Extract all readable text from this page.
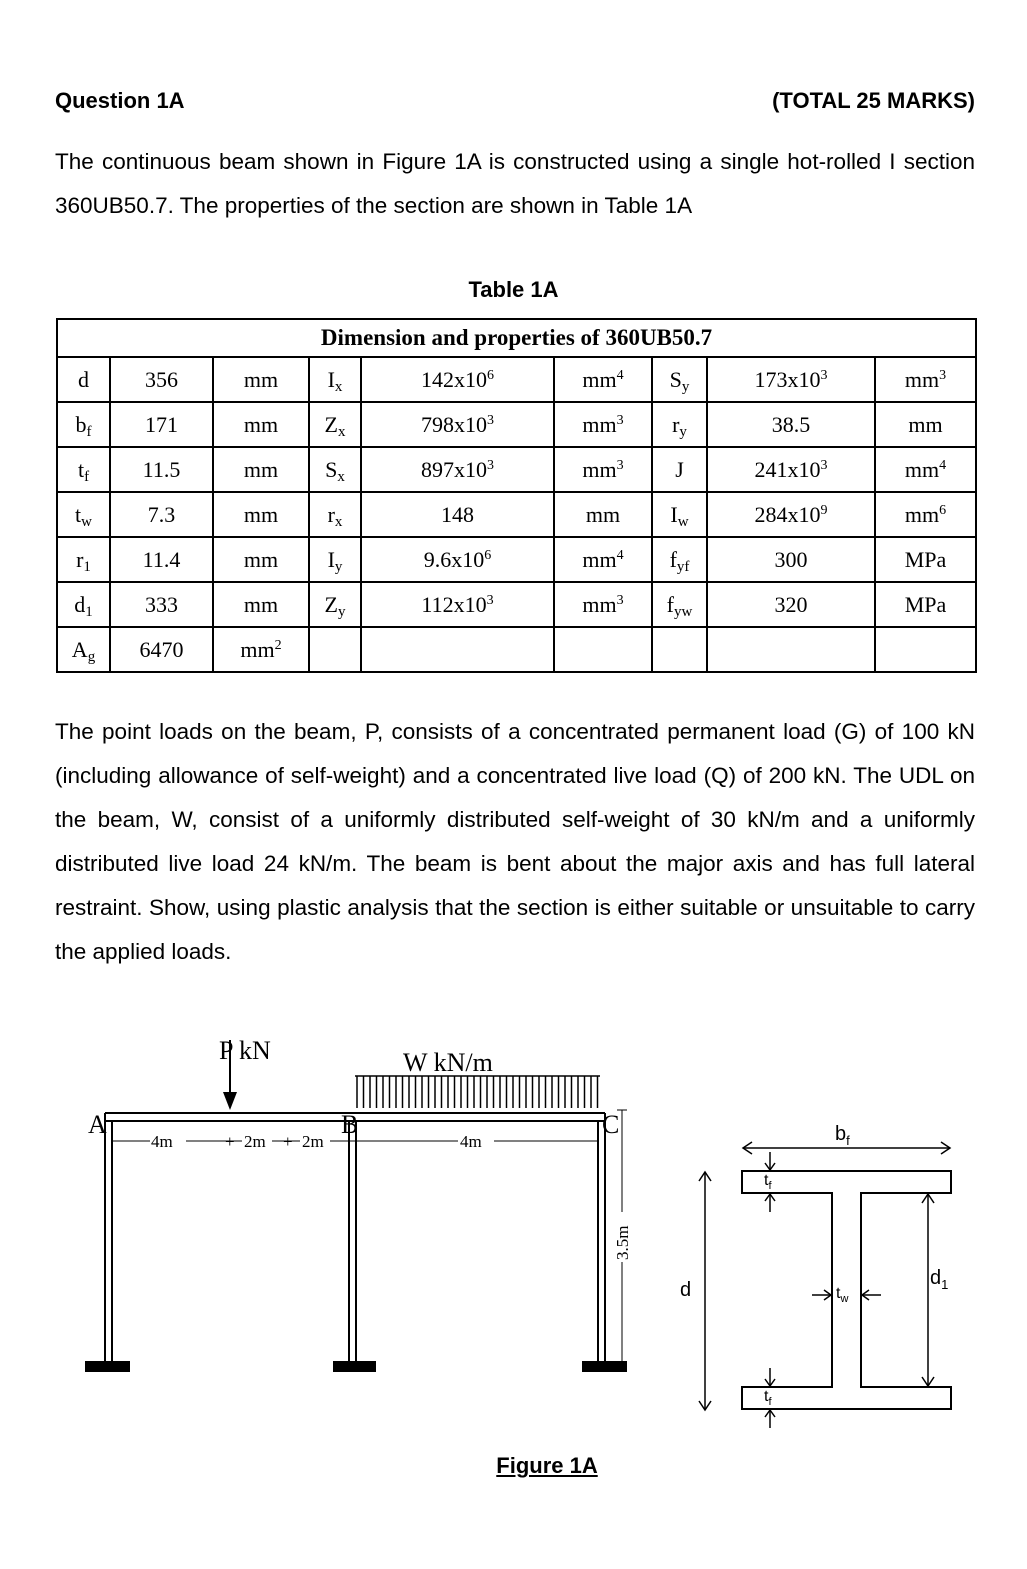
Question 1A	(TOTAL 25 MARKS)
The continuous beam shown in Figure 1A is constructed using a single hot-rolled I section 360UB50.7. The properties of the section are shown in Table 1A
Table 1A
Dimension and properties of 360UB50.7								
d	356	mm	$I_x$	$142x10^6$	$mm^4$	$S_y$	$173x10^3$	$mm^3$
$b_f$	171	mm	$Z_x$	$798x10^3$	$mm^3$	$r_y$	38.5	mm
$t_f$	11.5	mm	$S_x$	$897x10^3$	$mm^3$	J	$241x10^3$	$mm^4$
$t_w$	7.3	mm	$r_x$	148	mm	$I_w$	$284x10^9$	$mm^6$
$r_1$	11.4	mm	$I_y$	$9.6x10^6$	$mm^4$	$f_{yf}$	300	MPa
$d_1$	333	mm	$Z_y$	$112x10^3$	$mm^3$	$f_{yw}$	320	MPa
$A_g$	6470	$mm^2$						
P kN	W kN/m
A	B	C
4m	+ 2m + 2m	4m
3.5m
$b_f$
d
$d_1$
$t_f$
$t_f$
$t_w$
Figure 1A
The point loads on the beam, P, consists of a concentrated permanent load (G) of 100 kN (including allowance of self-weight) and a concentrated live load (Q) of 200 kN. The UDL on the beam, W, consist of a uniformly distributed self-weight of 30 kN/m and a uniformly distributed live load 24 kN/m. The beam is bent about the major axis and has full lateral restraint. Show, using plastic analysis that the section is either suitable or unsuitable to carry the applied loads.
